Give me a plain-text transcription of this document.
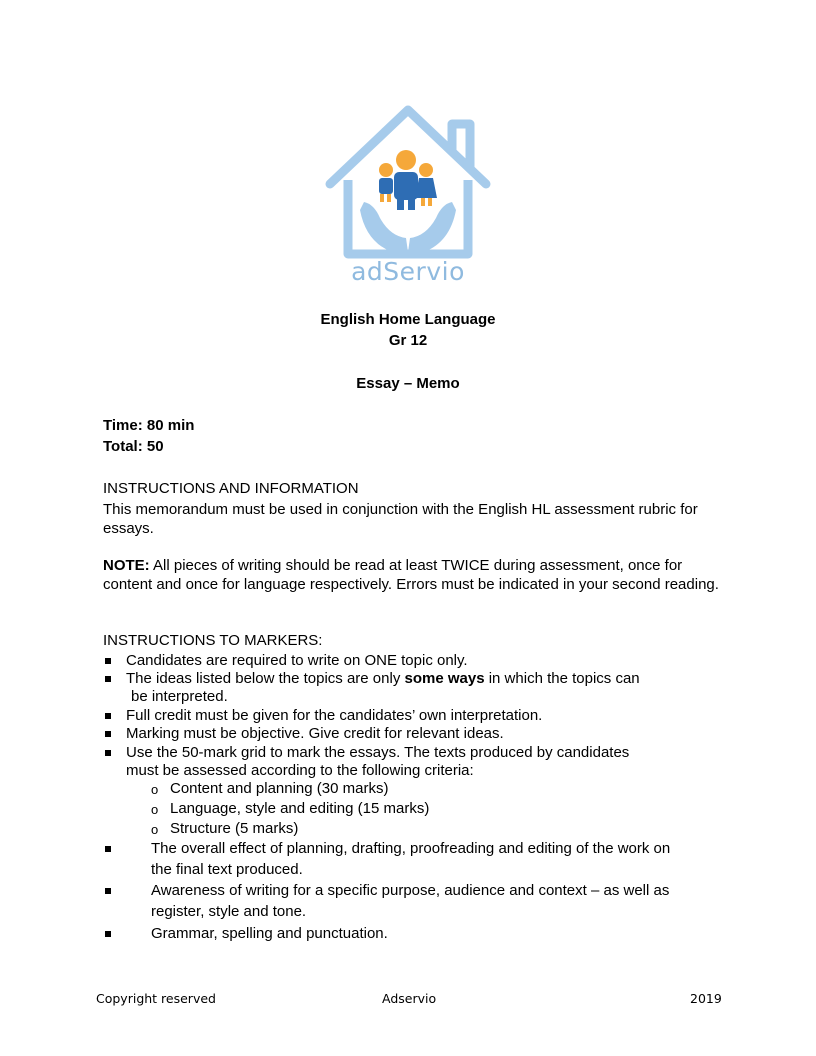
adServio
English Home Language
Gr 12
Essay – Memo
Time: 80 min
Total: 50
INSTRUCTIONS AND INFORMATION
This memorandum must be used in conjunction with the English HL assessment rubric for essays.
NOTE: All pieces of writing should be read at least TWICE during assessment, once for content and once for language respectively. Errors must be indicated in your second reading.
INSTRUCTIONS TO MARKERS:
Candidates are required to write on ONE topic only.
The ideas listed below the topics are only some ways in which the topics can
be interpreted.
Full credit must be given for the candidates’ own interpretation.
Marking must be objective. Give credit for relevant ideas.
Use the 50-mark grid to mark the essays. The texts produced by candidates
must be assessed according to the following criteria:
o Content and planning (30 marks)
o Language, style and editing (15 marks)
o Structure (5 marks)
The overall effect of planning, drafting, proofreading and editing of the work on
the final text produced.
Awareness of writing for a specific purpose, audience and context – as well as
register, style and tone.
Grammar, spelling and punctuation.
Copyright reserved	Adservio	2019
